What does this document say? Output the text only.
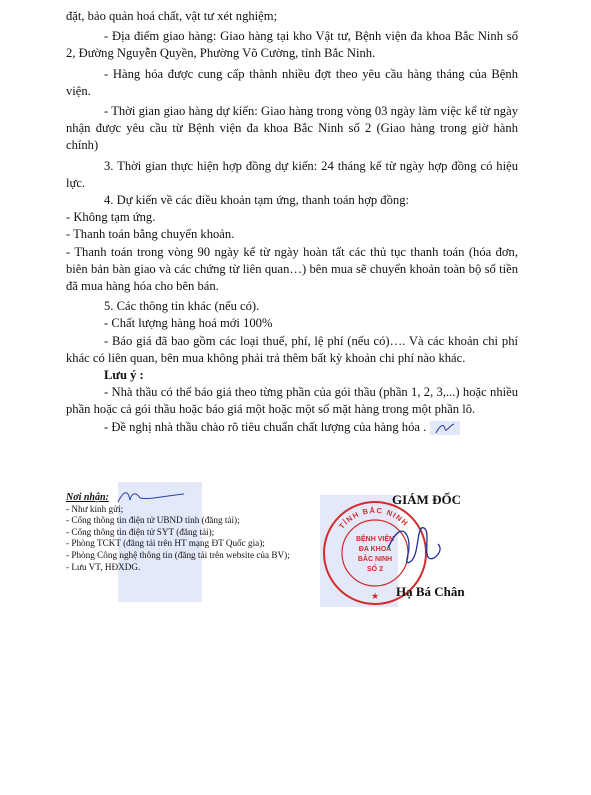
đặt, bảo quản hoá chất, vật tư xét nghiệm;

- Địa điểm giao hàng: Giao hàng tại kho Vật tư, Bệnh viện đa khoa Bắc Ninh số 2, Đường Nguyễn Quyền, Phường Võ Cường, tỉnh Bắc Ninh.

- Hàng hóa được cung cấp thành nhiều đợt theo yêu cầu hàng tháng của Bệnh viện.

- Thời gian giao hàng dự kiến: Giao hàng trong vòng 03 ngày làm việc kể từ ngày nhận được yêu cầu từ Bệnh viện đa khoa Bắc Ninh số 2 (Giao hàng trong giờ hành chính)

3. Thời gian thực hiện hợp đồng dự kiến: 24 tháng kể từ ngày hợp đồng có hiệu lực.

4. Dự kiến về các điều khoản tạm ứng, thanh toán hợp đồng:

- Không tạm ứng.

- Thanh toán bằng chuyển khoản.

- Thanh toán trong vòng 90 ngày kể từ ngày hoàn tất các thủ tục thanh toán (hóa đơn, biên bản bàn giao và các chứng từ liên quan…) bên mua sẽ chuyển khoản toàn bộ số tiền đã mua hàng hóa cho bên bán.

5. Các thông tin khác (nếu có).

- Chất lượng hàng hoá mới 100%

- Báo giá đã bao gồm các loại thuế, phí, lệ phí (nếu có)…. Và các khoản chi phí khác có liên quan, bên mua không phải trả thêm bất kỳ khoản chi phí nào khác.

Lưu ý :

- Nhà thầu có thể báo giá theo từng phần của gói thầu (phần 1, 2, 3,...) hoặc nhiều phần hoặc cả gói thầu hoặc báo giá một hoặc một số mặt hàng trong một phần lô.

- Đề nghị nhà thầu chào rõ tiêu chuẩn chất lượng của hàng hóa .

Nơi nhận:
- Như kính gửi;
- Cổng thông tin điện tử UBND tỉnh (đăng tải);
- Cổng thông tin điện tử SYT (đăng tải);
- Phòng TCKT (đăng tải trên HT mạng ĐT Quốc gia);
- Phòng Công nghệ thông tin (đăng tải trên website của BV);
- Lưu VT, HĐXDG.
TỈNH BẮC NINH
BỆNH VIỆN
ĐA KHOA
BẮC NINH
SỐ 2
★
GIÁM ĐỐC
Hạ Bá Chân
